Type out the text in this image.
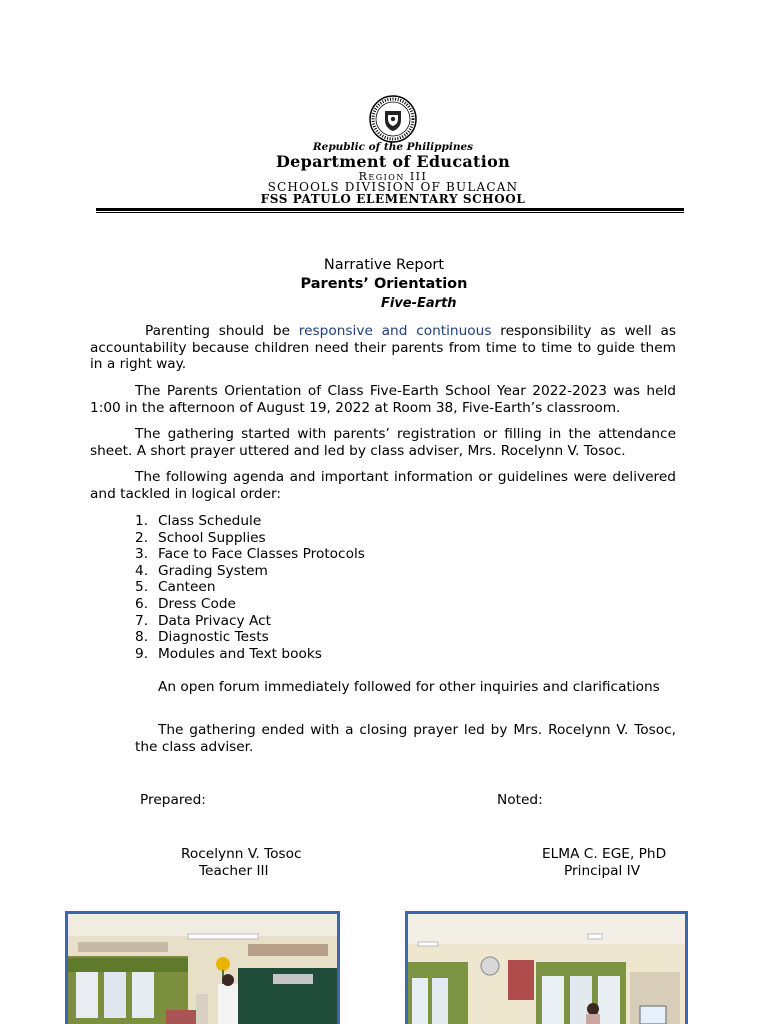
Republic of the Philippines
Department of Education
Region III
SCHOOLS DIVISION OF BULACAN
FSS PATULO ELEMENTARY SCHOOL
Narrative Report
Parents’ Orientation
Five-Earth

Parenting should be responsive and continuous responsibility as well as accountability because children need their parents from time to time to guide them in a right way.

The Parents Orientation of Class Five-Earth School Year 2022-2023 was held 1:00 in the afternoon of August 19, 2022 at Room 38, Five-Earth’s classroom.

The gathering started with parents’ registration or filling in the attendance sheet. A short prayer uttered and led by class adviser, Mrs. Rocelynn V. Tosoc.

The following agenda and important information or guidelines were delivered and tackled in logical order:

1. Class Schedule
2. School Supplies
3. Face to Face Classes Protocols
4. Grading System
5. Canteen
6. Dress Code
7. Data Privacy Act
8. Diagnostic Tests
9. Modules and Text books

An open forum immediately followed for other inquiries and clarifications

The gathering ended with a closing prayer led by Mrs. Rocelynn V. Tosoc, the class adviser.

Prepared:	Noted:
Rocelynn V. Tosoc
Teacher III
ELMA C. EGE, PhD
Principal IV
